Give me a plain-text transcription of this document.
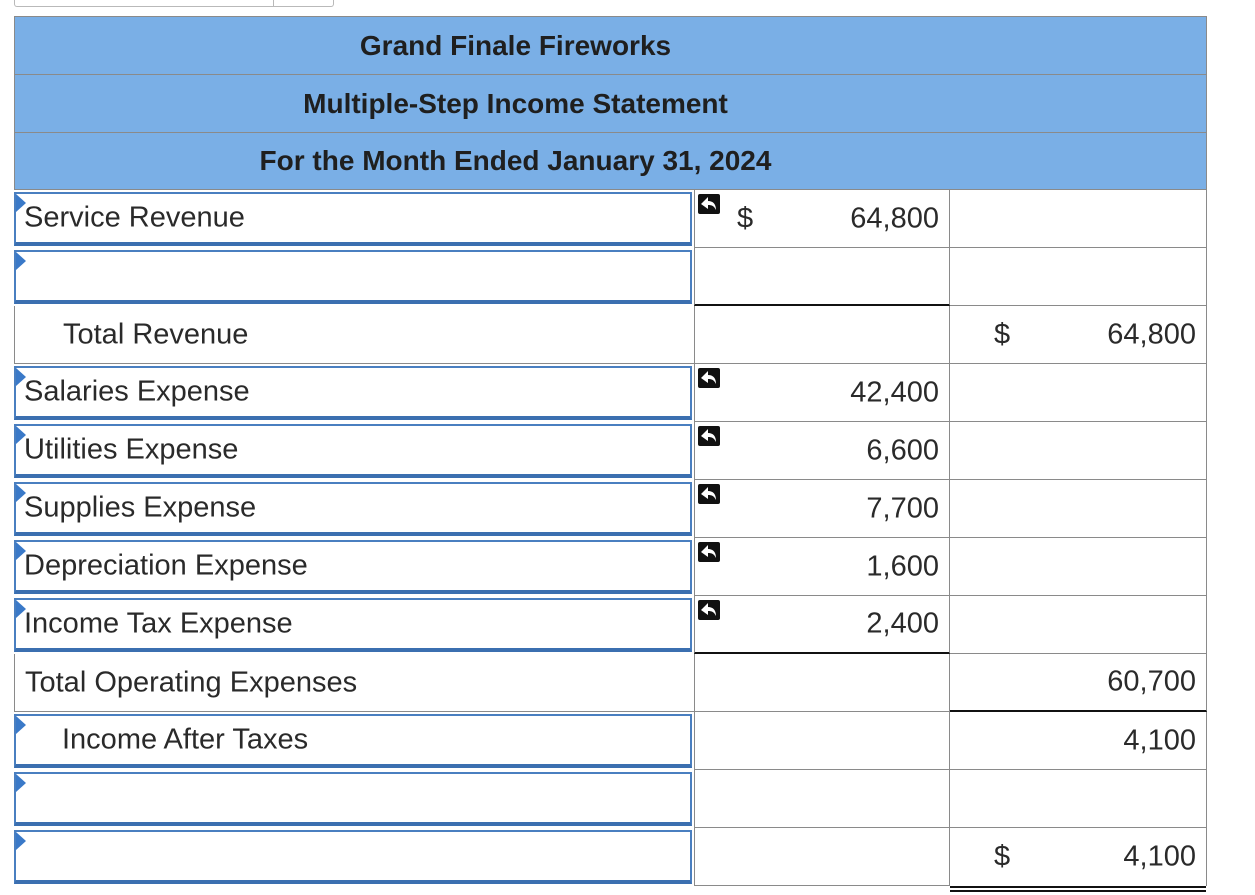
Grand Finale Fireworks
Multiple-Step Income Statement
For the Month Ended January 31, 2024
Service Revenue	$	64,800
Total Revenue	$	64,800
Salaries Expense	42,400
Utilities Expense	6,600
Supplies Expense	7,700
Depreciation Expense	1,600
Income Tax Expense	2,400
Total Operating Expenses	60,700
Income After Taxes	4,100
$	4,100
